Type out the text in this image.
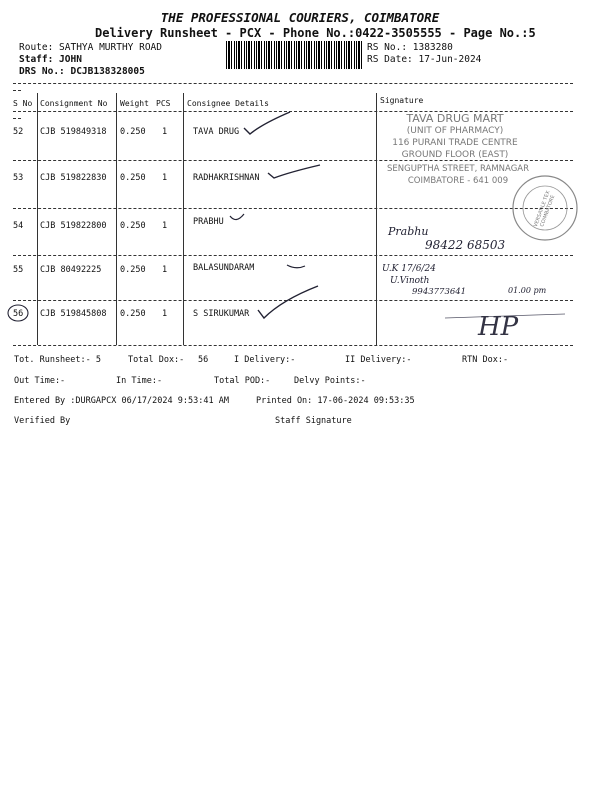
THE PROFESSIONAL COURIERS, COIMBATORE
Delivery Runsheet - PCX - Phone No.:0422-3505555 - Page No.:5
Route: SATHYA MURTHY ROAD
Staff: JOHN
DRS No.: DCJB138328005
RS No.: 1383280
RS Date: 17-Jun-2024
S No Consignment No Weight PCS Consignee Details	Signature
52 CJB 519849318 0.250 1	TAVA DRUG
53 CJB 519822830 0.250 1	RADHAKRISHNAN
54 CJB 519822800 0.250 1	PRABHU
55 CJB 80492225 0.250 1	BALASUNDARAM
56 CJB 519845808 0.250 1	S SIRUKUMAR
TAVA DRUG MART
(UNIT OF PHARMACY)
116 PURANI TRADE CENTRE
GROUND FLOOR (EAST)
SENGUPTHA STREET, RAMNAGAR
COIMBATORE - 641 009
VERSATILE TEX COIMBATORE
Prabhu
98422 68503
U.K 17/6/24
U.Vinoth
9943773641	01.00 pm
HP
Tot. Runsheet:- 5	Total Dox:- 56	I Delivery:-	II Delivery:-	RTN Dox:-
Out Time:-	In Time:-	Total POD:-	Delvy Points:-
Entered By :DURGAPCX 06/17/2024 9:53:41 AM	Printed On: 17-06-2024 09:53:35
Verified By	Staff Signature
